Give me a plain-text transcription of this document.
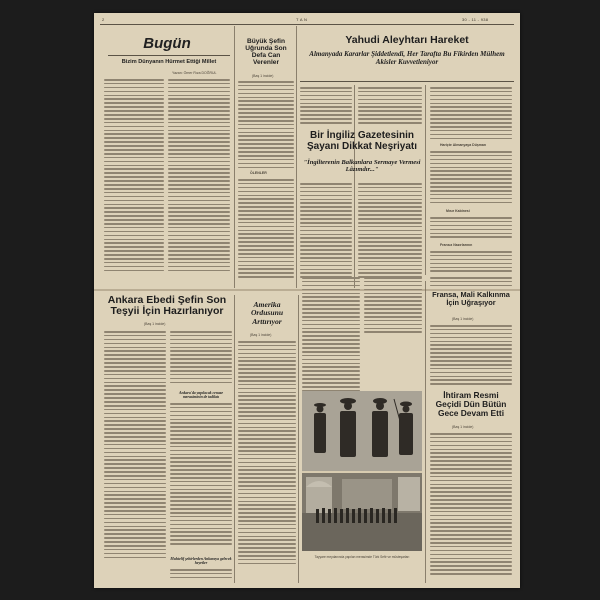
2	T A N	30 - 11 - 938
Bugün
Bizim Dünyanın Hürmet Ettiği Millet
Yazan: Ömer Rıza DOĞRUL
Büyük Şefin Uğrunda Son Defa Can Verenler
(Baş 1 incide)
ÖLENLER
Yahudi Aleyhtarı Hareket
Almanyada Kararlar Şiddetlendi, Her Tarafta Bu Fikirden Mülhem Akisler Kuvvetleniyor
Bir İngiliz Gazetesinin Şayanı Dikkat Neşriyatı
"İngilterenin Balkanlara Sermaye Vermesi Lâzımdır..."
Hariçte Almanyaya Düşman
Mısır Kabinesi
Fransız Nazırlarının
Ankara Ebedi Şefin Son Teşyii İçin Hazırlanıyor
(Baş 1 incide)
Ankara'da yapılacak cenaze merasiminin de tadilatı
Muhtelif şehirlerden Ankaraya gelecek heyetler
Amerika Ordusunu Arttırıyor
(Baş 1 incide)
Tayyare meydanında yapılan merasimde Türk Sefir ve müsteşarları
Fransa, Mali Kalkınma İçin Uğraşıyor
(Baş 1 incide)
İhtiram Resmi Geçidi Dün Bütün Gece Devam Etti
(Baş 1 incide)
